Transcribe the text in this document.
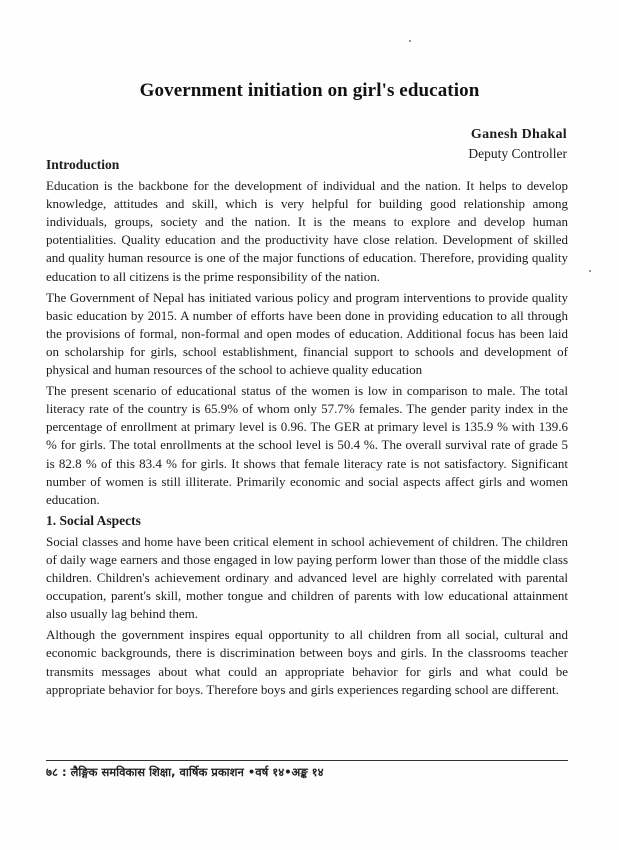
Government initiation on girl's education
Ganesh Dhakal
Deputy Controller
Introduction

Education is the backbone for the development of individual and the nation. It helps to develop knowledge, attitudes and skill, which is very helpful for building good relationship among individuals, groups, society and the nation. It is the means to explore and develop human potentialities. Quality education and the productivity have close relation. Development of skilled and quality human resource is one of the major functions of education. Therefore, providing quality education to all citizens is the prime responsibility of the nation.

The Government of Nepal has initiated various policy and program interventions to provide quality basic education by 2015. A number of efforts have been done in providing education to all through the provisions of formal, non-formal and open modes of education. Additional focus has been laid on scholarship for girls, school establishment, financial support to schools and development of physical and human resources of the school to achieve quality education

The present scenario of educational status of the women is low in comparison to male. The total literacy rate of the country is 65.9% of whom only 57.7% females. The gender parity index in the percentage of enrollment at primary level is 0.96. The GER at primary level is 135.9 % with 139.6 % for girls. The total enrollments at the school level is 50.4 %. The overall survival rate of grade 5 is 82.8 % of this 83.4 % for girls. It shows that female literacy rate is not satisfactory. Significant number of women is still illiterate. Primarily economic and social aspects affect girls and women education.

1. Social Aspects

Social classes and home have been critical element in school achievement of children. The children of daily wage earners and those engaged in low paying perform lower than those of the middle class children. Children's achievement ordinary and advanced level are highly correlated with parental occupation, parent's skill, mother tongue and children of parents with low educational attainment also usually lag behind them.

Although the government inspires equal opportunity to all children from all social, cultural and economic backgrounds, there is discrimination between boys and girls. In the classrooms teacher transmits messages about what could an appropriate behavior for girls and what could be appropriate behavior for boys. Therefore boys and girls experiences regarding school are different.

७८ : लैङ्गिक समविकास शिक्षा, वार्षिक प्रकाशन •वर्ष १४•अङ्क १४
